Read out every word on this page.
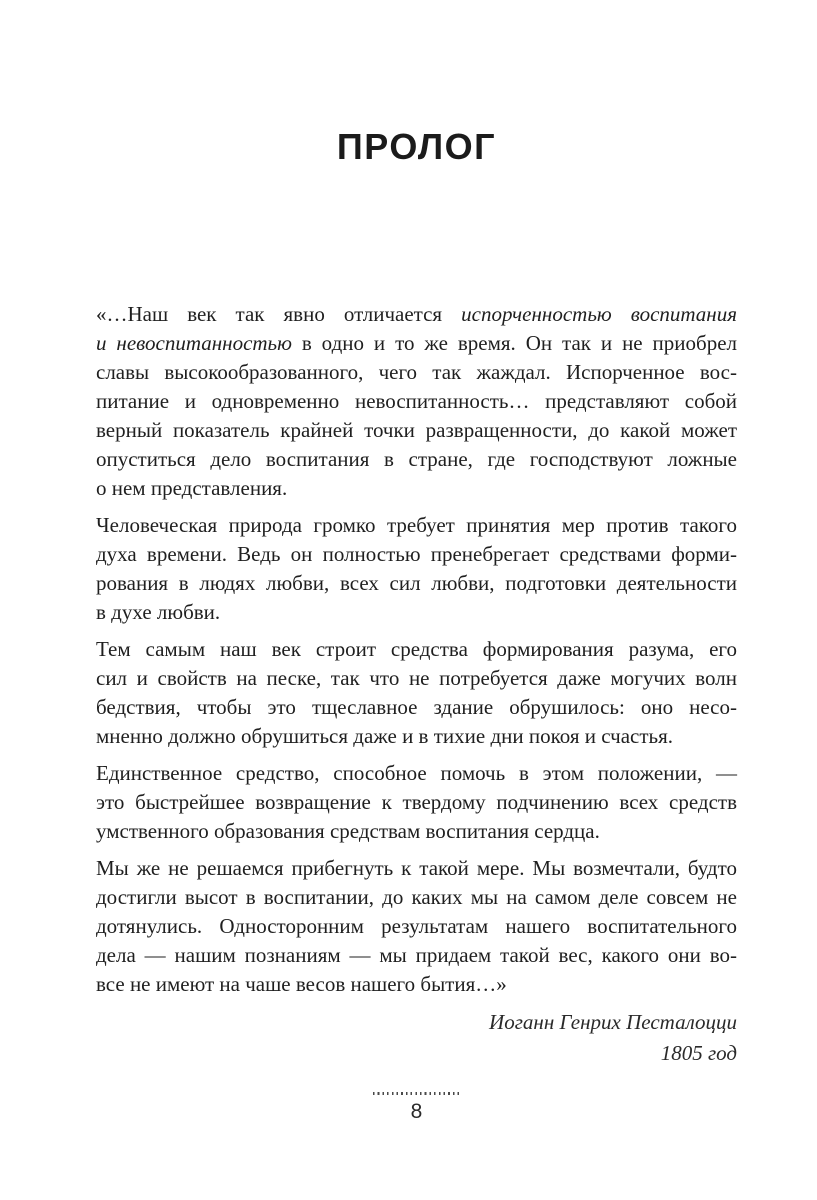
ПРОЛОГ

«…Наш век так явно отличается испорченностью воспитания
и невоспитанностью в одно и то же время. Он так и не приобрел
славы высокообразованного, чего так жаждал. Испорченное вос-
питание и одновременно невоспитанность… представляют собой
верный показатель крайней точки развращенности, до какой может
опуститься дело воспитания в стране, где господствуют ложные
о нем представления.

Человеческая природа громко требует принятия мер против такого
духа времени. Ведь он полностью пренебрегает средствами форми-
рования в людях любви, всех сил любви, подготовки деятельности
в духе любви.

Тем самым наш век строит средства формирования разума, его
сил и свойств на песке, так что не потребуется даже могучих волн
бедствия, чтобы это тщеславное здание обрушилось: оно несо-
мненно должно обрушиться даже и в тихие дни покоя и счастья.

Единственное средство, способное помочь в этом положении, —
это быстрейшее возвращение к твердому подчинению всех средств
умственного образования средствам воспитания сердца.

Мы же не решаемся прибегнуть к такой мере. Мы возмечтали, будто
достигли высот в воспитании, до каких мы на самом деле совсем не
дотянулись. Односторонним результатам нашего воспитательного
дела — нашим познаниям — мы придаем такой вес, какого они во-
все не имеют на чаше весов нашего бытия…»

Иоганн Генрих Песталоцци
1805 год
8
